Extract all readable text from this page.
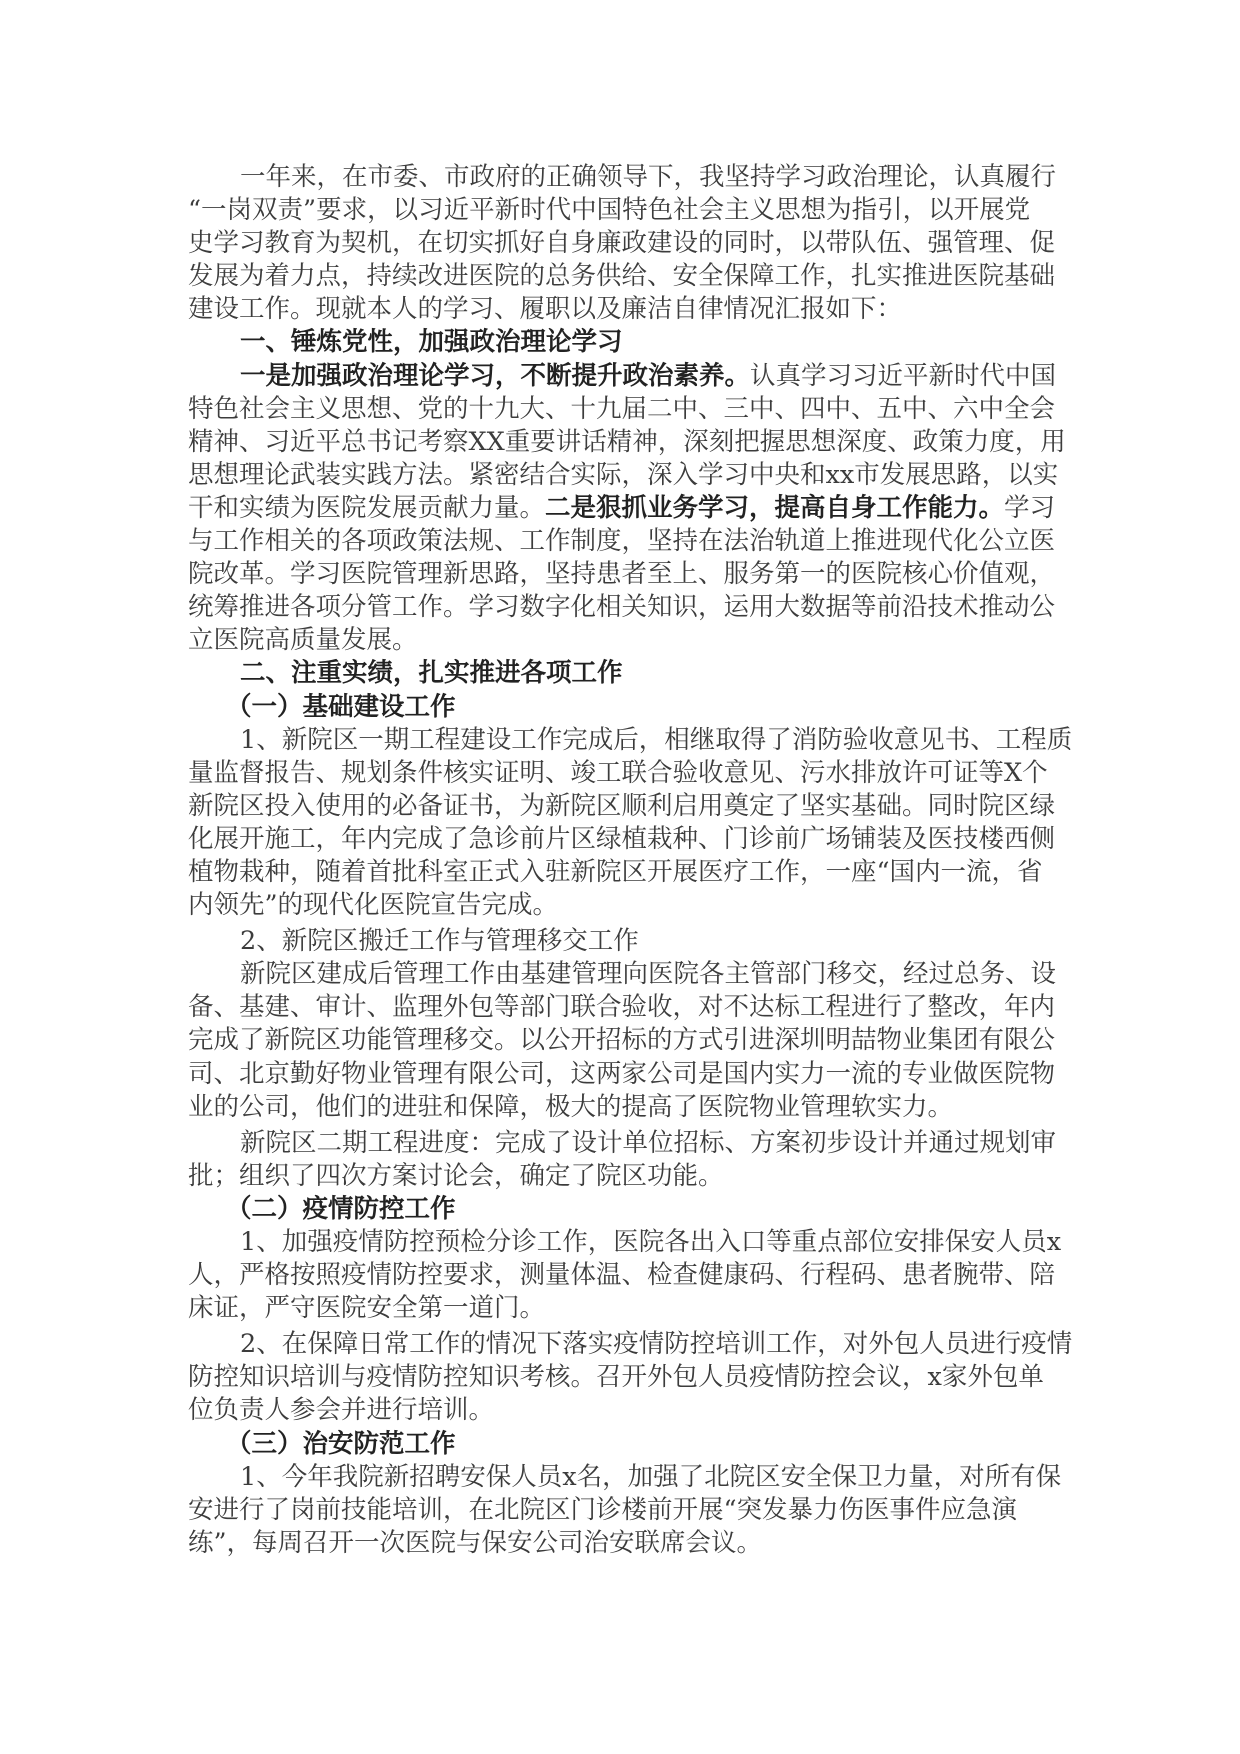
一年来，在市委、市政府的正确领导下，我坚持学习政治理论，认真履行
“一岗双责”要求，以习近平新时代中国特色社会主义思想为指引，以开展党
史学习教育为契机，在切实抓好自身廉政建设的同时，以带队伍、强管理、促
发展为着力点，持续改进医院的总务供给、安全保障工作，扎实推进医院基础
建设工作。现就本人的学习、履职以及廉洁自律情况汇报如下：
一、锤炼党性，加强政治理论学习
一是加强政治理论学习，不断提升政治素养。认真学习习近平新时代中国
特色社会主义思想、党的十九大、十九届二中、三中、四中、五中、六中全会
精神、习近平总书记考察XX重要讲话精神，深刻把握思想深度、政策力度，用
思想理论武装实践方法。紧密结合实际，深入学习中央和xx市发展思路，以实
干和实绩为医院发展贡献力量。二是狠抓业务学习，提高自身工作能力。学习
与工作相关的各项政策法规、工作制度，坚持在法治轨道上推进现代化公立医
院改革。学习医院管理新思路，坚持患者至上、服务第一的医院核心价值观，
统筹推进各项分管工作。学习数字化相关知识，运用大数据等前沿技术推动公
立医院高质量发展。
二、注重实绩，扎实推进各项工作
（一）基础建设工作
1、新院区一期工程建设工作完成后，相继取得了消防验收意见书、工程质
量监督报告、规划条件核实证明、竣工联合验收意见、污水排放许可证等X个
新院区投入使用的必备证书，为新院区顺利启用奠定了坚实基础。同时院区绿
化展开施工，年内完成了急诊前片区绿植栽种、门诊前广场铺装及医技楼西侧
植物栽种，随着首批科室正式入驻新院区开展医疗工作，一座“国内一流，省
内领先”的现代化医院宣告完成。
2、新院区搬迁工作与管理移交工作
新院区建成后管理工作由基建管理向医院各主管部门移交，经过总务、设
备、基建、审计、监理外包等部门联合验收，对不达标工程进行了整改，年内
完成了新院区功能管理移交。以公开招标的方式引进深圳明喆物业集团有限公
司、北京勤好物业管理有限公司，这两家公司是国内实力一流的专业做医院物
业的公司，他们的进驻和保障，极大的提高了医院物业管理软实力。
新院区二期工程进度：完成了设计单位招标、方案初步设计并通过规划审
批；组织了四次方案讨论会，确定了院区功能。
（二）疫情防控工作
1、加强疫情防控预检分诊工作，医院各出入口等重点部位安排保安人员x
人，严格按照疫情防控要求，测量体温、检查健康码、行程码、患者腕带、陪
床证，严守医院安全第一道门。
2、在保障日常工作的情况下落实疫情防控培训工作，对外包人员进行疫情
防控知识培训与疫情防控知识考核。召开外包人员疫情防控会议，x家外包单
位负责人参会并进行培训。
（三）治安防范工作
1、今年我院新招聘安保人员x名，加强了北院区安全保卫力量，对所有保
安进行了岗前技能培训，在北院区门诊楼前开展“突发暴力伤医事件应急演
练”，每周召开一次医院与保安公司治安联席会议。
